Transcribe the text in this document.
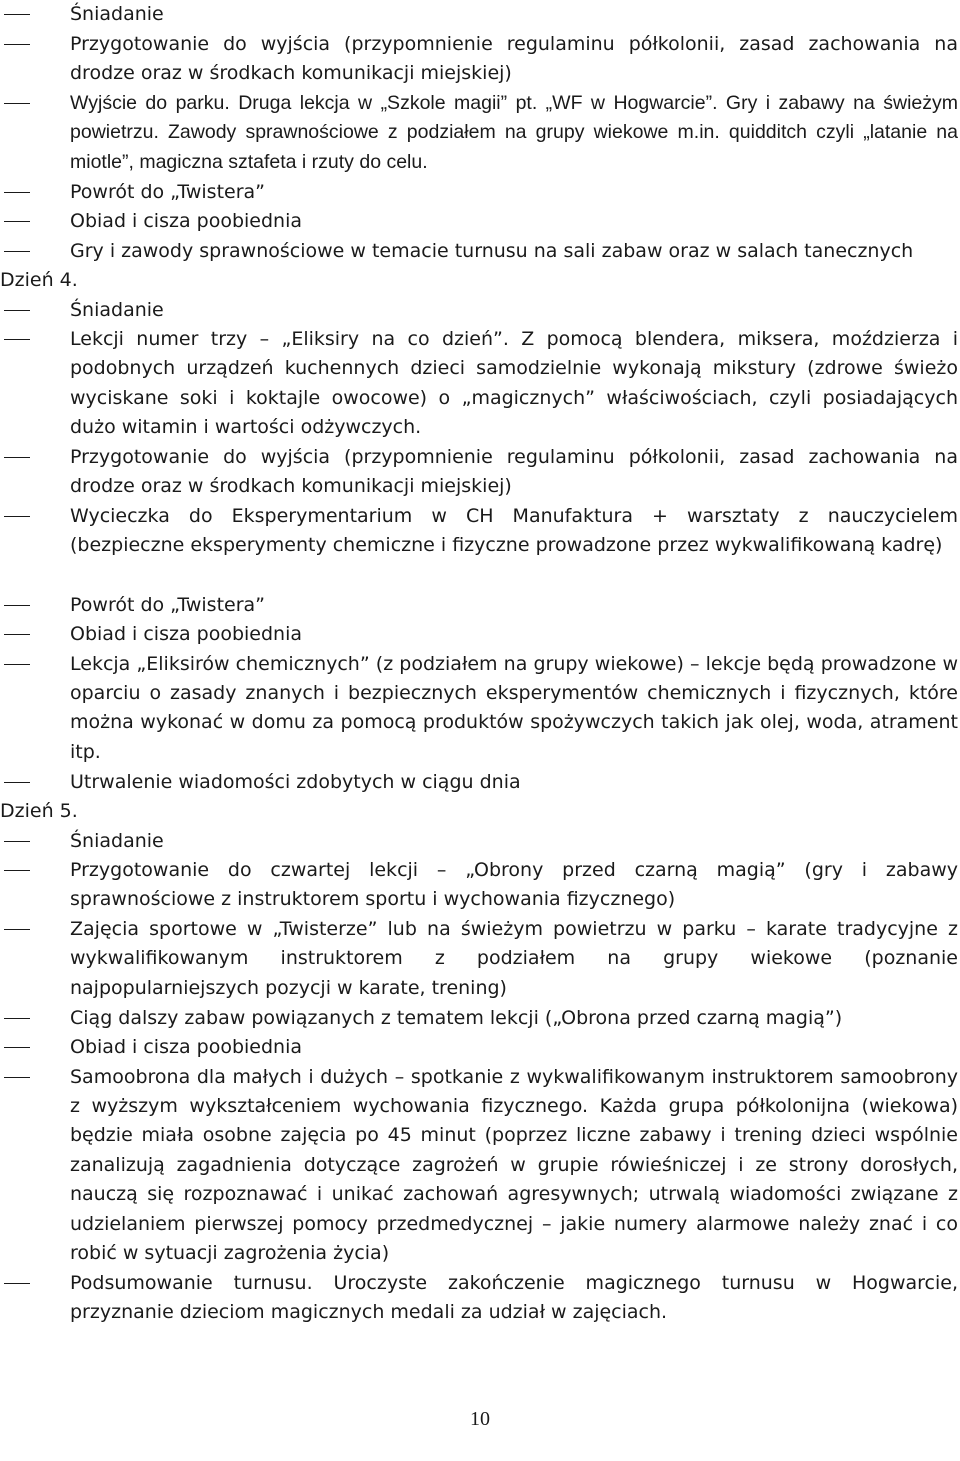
Śniadanie
Przygotowanie do wyjścia (przypomnienie regulaminu półkolonii, zasad zachowania na drodze oraz w środkach komunikacji miejskiej)
Wyjście do parku. Druga lekcja w „Szkole magii” pt. „WF w Hogwarcie”. Gry i zabawy na świeżym powietrzu. Zawody sprawnościowe z podziałem na grupy wiekowe m.in. quidditch czyli „latanie na miotle”, magiczna sztafeta i rzuty do celu.
Powrót do „Twistera”
Obiad i cisza poobiednia
Gry i zawody sprawnościowe w temacie turnusu na sali zabaw oraz w salach tanecznych
Dzień 4.
Śniadanie
Lekcji numer trzy – „Eliksiry na co dzień”. Z pomocą blendera, miksera, moździerza i podobnych urządzeń kuchennych dzieci samodzielnie wykonają mikstury (zdrowe świeżo wyciskane soki i koktajle owocowe) o „magicznych” właściwościach, czyli posiadających dużo witamin i wartości odżywczych.
Przygotowanie do wyjścia (przypomnienie regulaminu półkolonii, zasad zachowania na drodze oraz w środkach komunikacji miejskiej)
Wycieczka do Eksperymentarium w CH Manufaktura + warsztaty z nauczycielem (bezpieczne eksperymenty chemiczne i fizyczne prowadzone przez wykwalifikowaną kadrę)
Powrót do „Twistera”
Obiad i cisza poobiednia
Lekcja „Eliksirów chemicznych” (z podziałem na grupy wiekowe) – lekcje będą prowadzone w oparciu o zasady znanych i bezpiecznych eksperymentów chemicznych i fizycznych, które można wykonać w domu za pomocą produktów spożywczych takich jak olej, woda, atrament itp.
Utrwalenie wiadomości zdobytych w ciągu dnia
Dzień 5.
Śniadanie
Przygotowanie do czwartej lekcji – „Obrony przed czarną magią” (gry i zabawy sprawnościowe z instruktorem sportu i wychowania fizycznego)
Zajęcia sportowe w „Twisterze” lub na świeżym powietrzu w parku – karate tradycyjne z wykwalifikowanym instruktorem z podziałem na grupy wiekowe (poznanie najpopularniejszych pozycji w karate, trening)
Ciąg dalszy zabaw powiązanych z tematem lekcji („Obrona przed czarną magią”)
Obiad i cisza poobiednia
Samoobrona dla małych i dużych – spotkanie z wykwalifikowanym instruktorem samoobrony z wyższym wykształceniem wychowania fizycznego. Każda grupa półkolonijna (wiekowa) będzie miała osobne zajęcia po 45 minut (poprzez liczne zabawy i trening dzieci wspólnie zanalizują zagadnienia dotyczące zagrożeń w grupie rówieśniczej i ze strony dorosłych, nauczą się rozpoznawać i unikać zachowań agresywnych; utrwalą wiadomości związane z udzielaniem pierwszej pomocy przedmedycznej – jakie numery alarmowe należy znać i co robić w sytuacji zagrożenia życia)
Podsumowanie turnusu. Uroczyste zakończenie magicznego turnusu w Hogwarcie, przyznanie dzieciom magicznych medali za udział w zajęciach.
10
